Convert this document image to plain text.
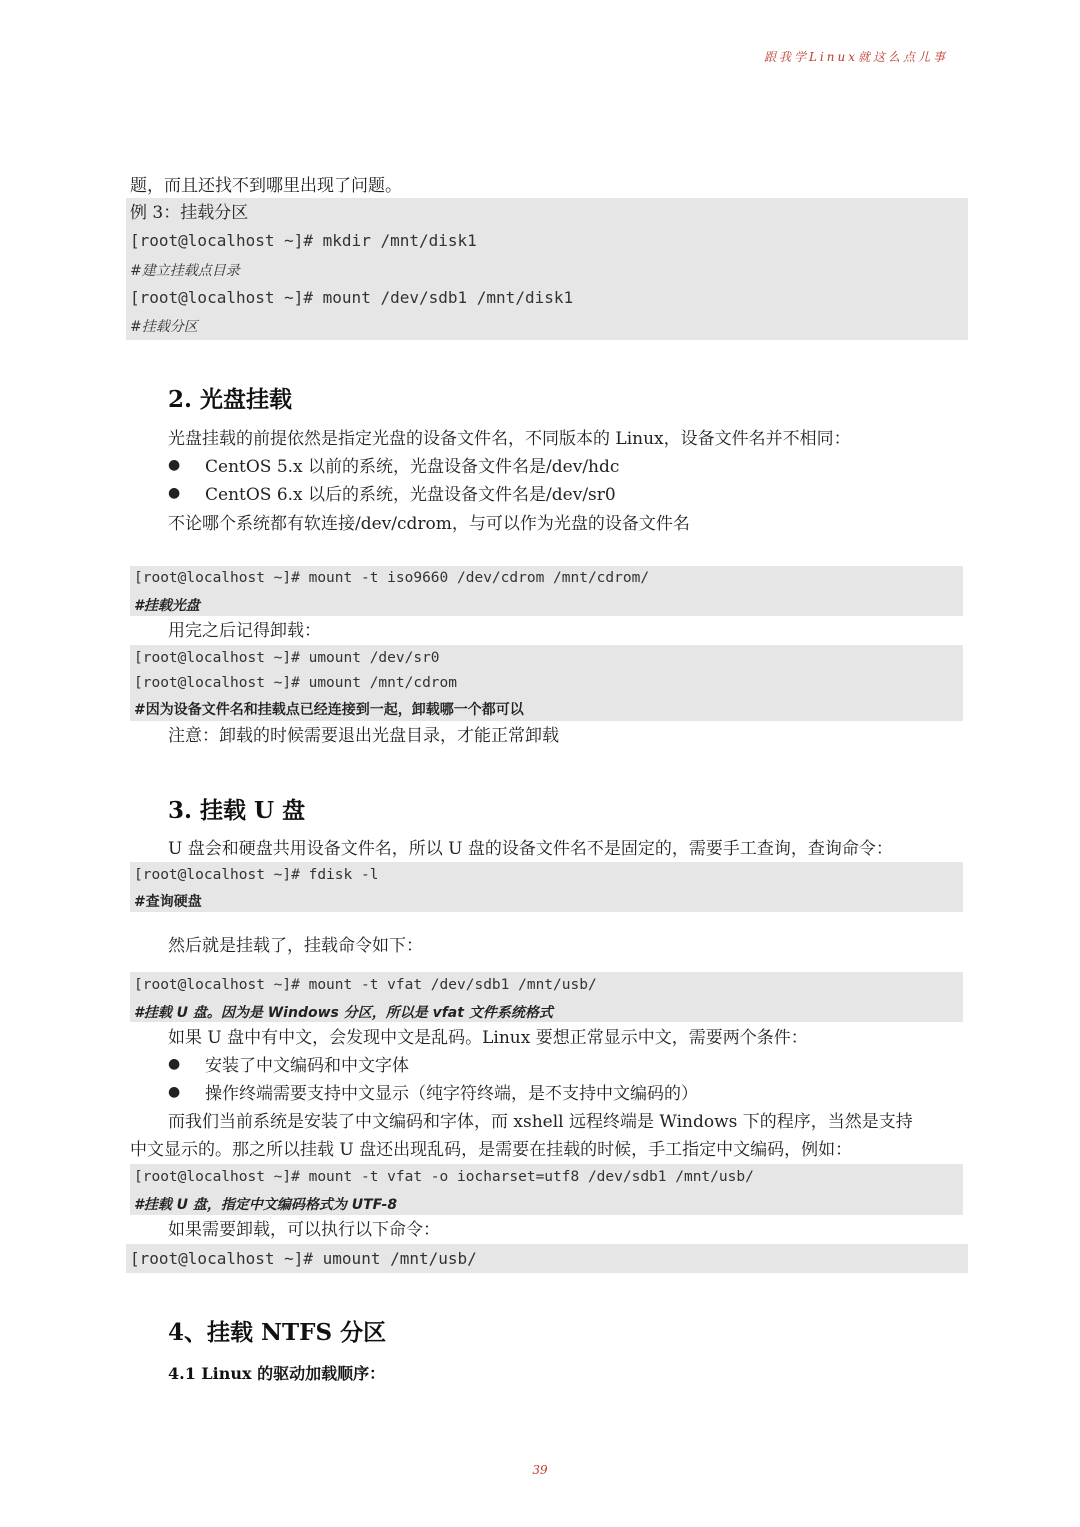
跟我学Linux就这么点儿事
题，而且还找不到哪里出现了问题。
例 3：挂载分区
[root@localhost ~]# mkdir /mnt/disk1
#建立挂载点目录
[root@localhost ~]# mount /dev/sdb1 /mnt/disk1
#挂载分区
2. 光盘挂载
光盘挂载的前提依然是指定光盘的设备文件名，不同版本的 Linux，设备文件名并不相同：
● CentOS 5.x 以前的系统，光盘设备文件名是/dev/hdc
● CentOS 6.x 以后的系统，光盘设备文件名是/dev/sr0
不论哪个系统都有软连接/dev/cdrom，与可以作为光盘的设备文件名
[root@localhost ~]# mount -t iso9660 /dev/cdrom /mnt/cdrom/
#挂载光盘
用完之后记得卸载：
[root@localhost ~]# umount /dev/sr0
[root@localhost ~]# umount /mnt/cdrom
#因为设备文件名和挂载点已经连接到一起，卸载哪一个都可以
注意：卸载的时候需要退出光盘目录，才能正常卸载
3. 挂载 U 盘
U 盘会和硬盘共用设备文件名，所以 U 盘的设备文件名不是固定的，需要手工查询，查询命令：
[root@localhost ~]# fdisk -l
#查询硬盘
然后就是挂载了，挂载命令如下：
[root@localhost ~]# mount -t vfat /dev/sdb1 /mnt/usb/
#挂载 U 盘。因为是 Windows 分区，所以是 vfat 文件系统格式
如果 U 盘中有中文，会发现中文是乱码。Linux 要想正常显示中文，需要两个条件：
● 安装了中文编码和中文字体
● 操作终端需要支持中文显示（纯字符终端，是不支持中文编码的）
而我们当前系统是安装了中文编码和字体，而 xshell 远程终端是 Windows 下的程序，当然是支持
中文显示的。那之所以挂载 U 盘还出现乱码，是需要在挂载的时候，手工指定中文编码，例如：
[root@localhost ~]# mount -t vfat -o iocharset=utf8 /dev/sdb1 /mnt/usb/
#挂载 U 盘，指定中文编码格式为 UTF-8
如果需要卸载，可以执行以下命令：
[root@localhost ~]# umount /mnt/usb/
4、挂载 NTFS 分区
4.1 Linux 的驱动加载顺序：
39
